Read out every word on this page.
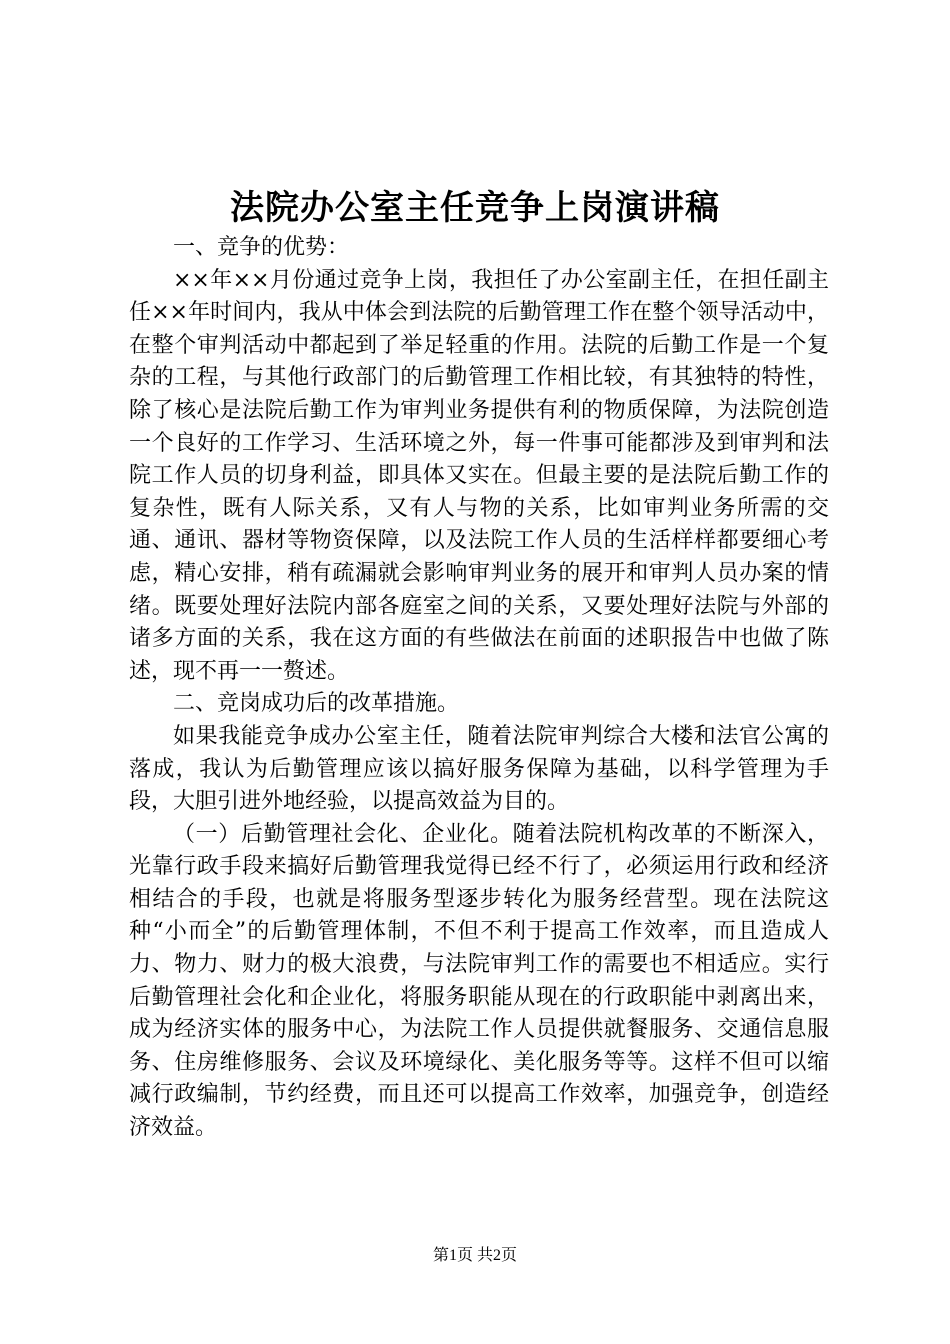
法院办公室主任竞争上岗演讲稿

一、竞争的优势：

××年××月份通过竞争上岗，我担任了办公室副主任，在担任副主任××年时间内，我从中体会到法院的后勤管理工作在整个领导活动中，在整个审判活动中都起到了举足轻重的作用。法院的后勤工作是一个复杂的工程，与其他行政部门的后勤管理工作相比较，有其独特的特性，除了核心是法院后勤工作为审判业务提供有利的物质保障，为法院创造一个良好的工作学习、生活环境之外，每一件事可能都涉及到审判和法院工作人员的切身利益，即具体又实在。但最主要的是法院后勤工作的复杂性，既有人际关系，又有人与物的关系，比如审判业务所需的交通、通讯、器材等物资保障，以及法院工作人员的生活样样都要细心考虑，精心安排，稍有疏漏就会影响审判业务的展开和审判人员办案的情绪。既要处理好法院内部各庭室之间的关系，又要处理好法院与外部的诸多方面的关系，我在这方面的有些做法在前面的述职报告中也做了陈述，现不再一一赘述。

二、竞岗成功后的改革措施。

如果我能竞争成办公室主任，随着法院审判综合大楼和法官公寓的落成，我认为后勤管理应该以搞好服务保障为基础，以科学管理为手段，大胆引进外地经验，以提高效益为目的。

（一）后勤管理社会化、企业化。随着法院机构改革的不断深入，光靠行政手段来搞好后勤管理我觉得已经不行了，必须运用行政和经济相结合的手段，也就是将服务型逐步转化为服务经营型。现在法院这种“小而全”的后勤管理体制，不但不利于提高工作效率，而且造成人力、物力、财力的极大浪费，与法院审判工作的需要也不相适应。实行后勤管理社会化和企业化，将服务职能从现在的行政职能中剥离出来，成为经济实体的服务中心，为法院工作人员提供就餐服务、交通信息服务、住房维修服务、会议及环境绿化、美化服务等等。这样不但可以缩减行政编制，节约经费，而且还可以提高工作效率，加强竞争，创造经济效益。

第1页 共2页
